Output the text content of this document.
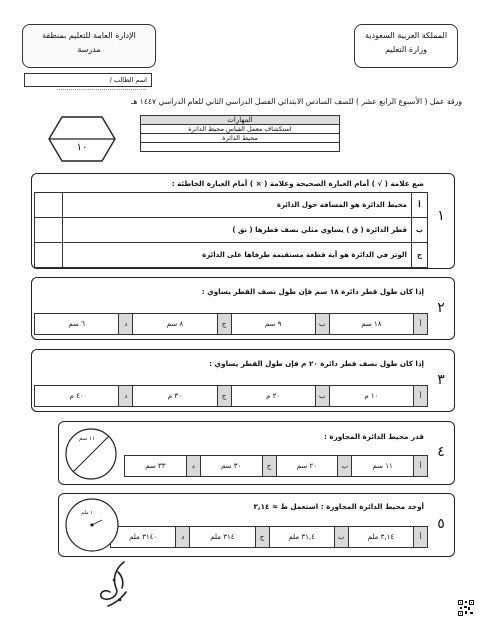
المملكة العربية السعودية
وزارة التعليم
الإدارة العامة للتعليم بمنطقة
مدرسة
اسم الطالب / ............................................
ورقة عمل ( الأسبوع الرابع عشر ) للصف السادس الابتدائي الفصل الدراسي الثاني للعام الدراسي ١٤٤٧ هـ
المهارات
استكشاف معمل القياس محيط الدائرة
محيط الدائرة

١٠
١
ضع علامة ( √ ) أمام العبارة الصحيحة وعلامة ( × ) أمام العبارة الخاطئة :
أ	محيط الدائرة هو المسافة حول الدائرة	
ب	قطر الدائرة ( ق ) يساوي مثلي نصف قطرها ( نق )	
ج	الوتر في الدائرة هو أية قطعة مستقيمة طرفاها على الدائرة	
٢
إذا كان طول قطر دائرة ١٨ سم فإن طول نصف القطر يساوي :
أ
١٨ سم
ب
٩ سم
ج
٨ سم
د
٦ سم
٣
إذا كان طول نصف قطر دائرة ٢٠ م فإن طول القطر يساوي :
أ
١٠ م
ب
٢٠ م
ج
٣٠ م
د
٤٠ م
٤
قدر محيط الدائرة المجاورة :
أ
١١ سم
ب
٢٠ سم
ج
٣٠ سم
د
٣٣ سم
١١ سم
٥
أوجد محيط الدائرة المجاورة : استعمل ط ≈ ٣,١٤
أ
٣,١٤ ملم
ب
٣١,٤ ملم
ج
٣١٤ ملم
د
٣١٤٠ ملم
١ ملم
